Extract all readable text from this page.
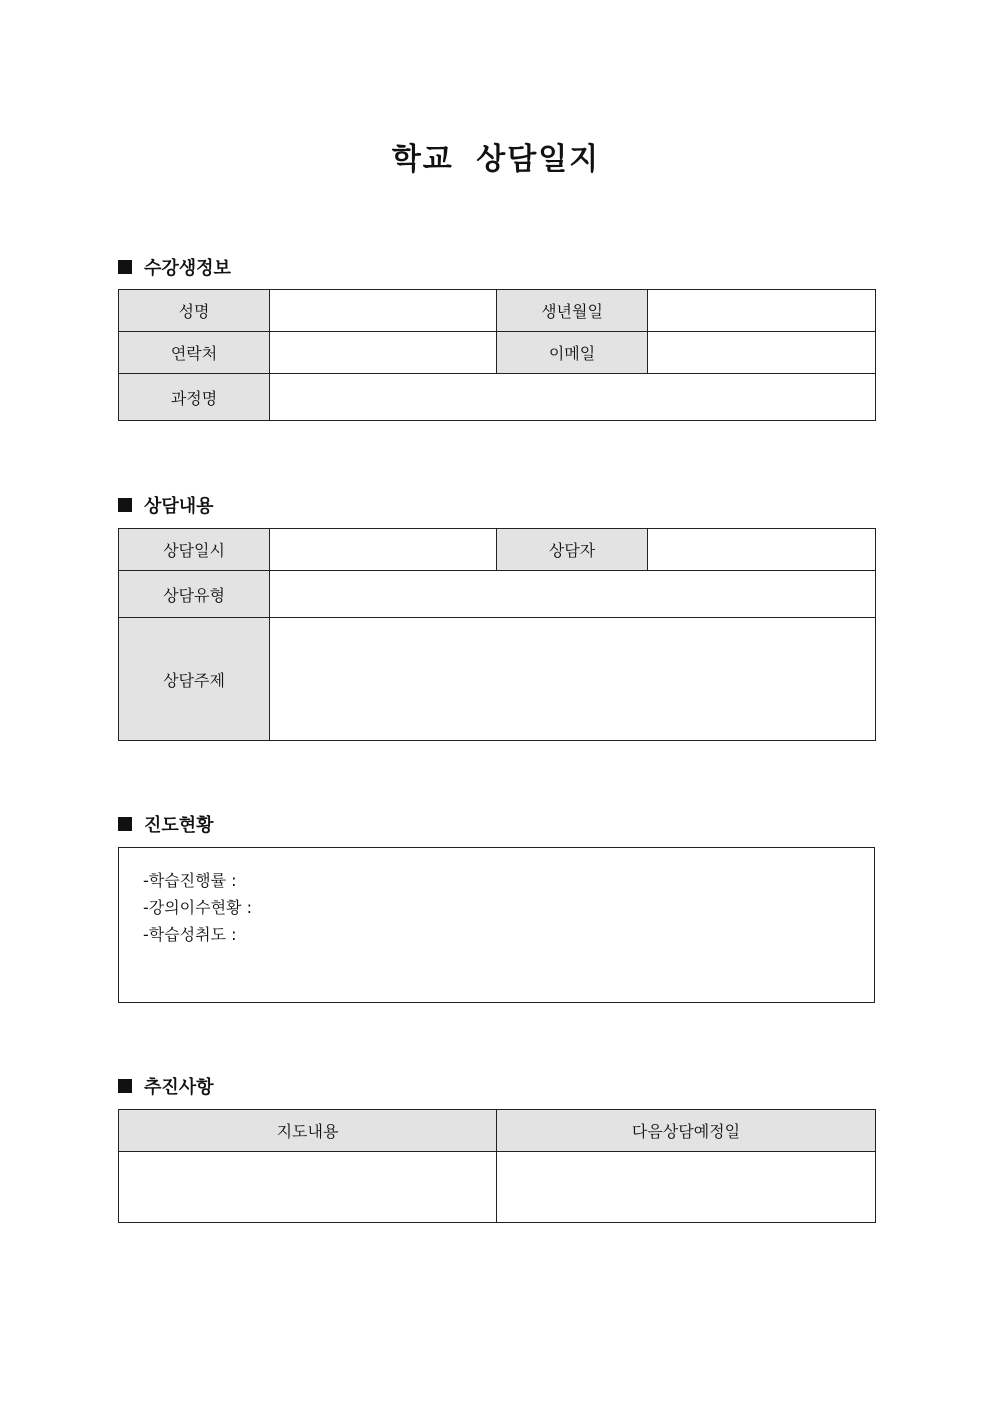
학교 상담일지
수강생정보
성명		생년월일	
연락처		이메일	
과정명			
상담내용
상담일시		상담자	
상담유형			
상담주제			
진도현황
-학습진행률 :
-강의이수현황 :
-학습성취도 :
추진사항
지도내용	다음상담예정일
